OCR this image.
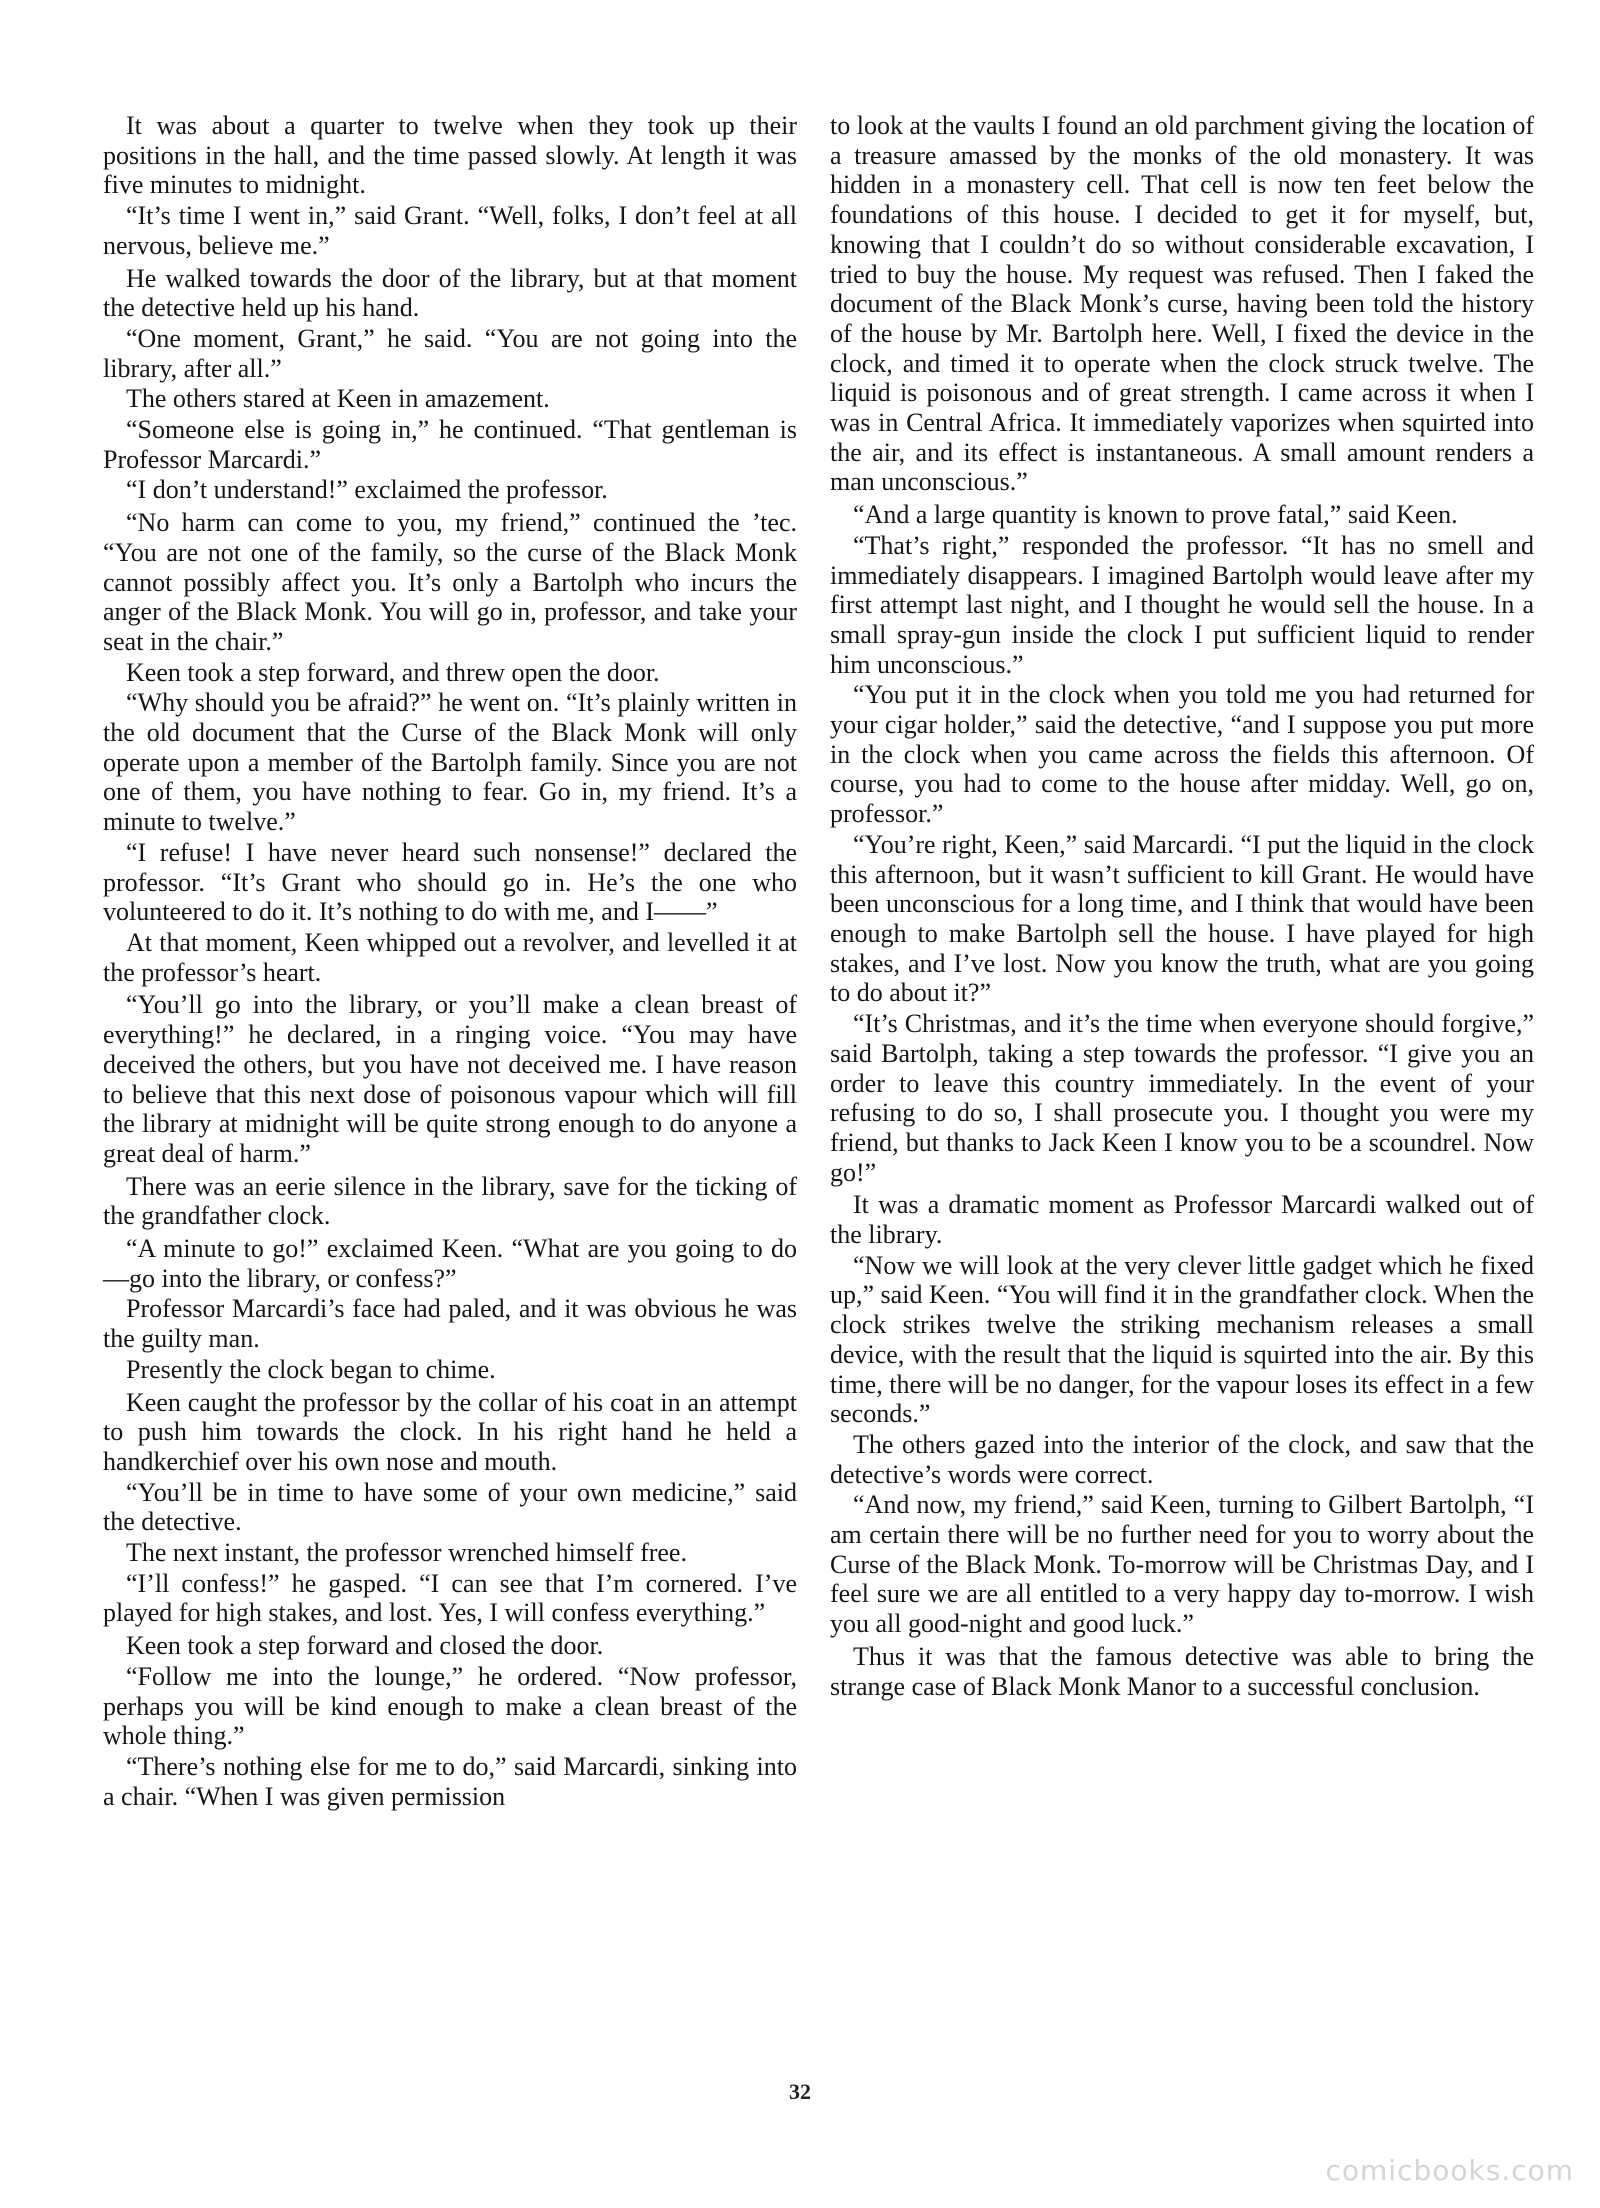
It was about a quarter to twelve when they took up their positions in the hall, and the time passed slowly. At length it was five minutes to midnight.

“It’s time I went in,” said Grant. “Well, folks, I don’t feel at all nervous, believe me.”

He walked towards the door of the library, but at that moment the detective held up his hand.

“One moment, Grant,” he said. “You are not going into the library, after all.”

The others stared at Keen in amazement.

“Someone else is going in,” he continued. “That gentleman is Professor Marcardi.”

“I don’t understand!” exclaimed the professor.

“No harm can come to you, my friend,” continued the ’tec. “You are not one of the family, so the curse of the Black Monk cannot possibly affect you. It’s only a Bartolph who incurs the anger of the Black Monk. You will go in, professor, and take your seat in the chair.”

Keen took a step forward, and threw open the door.

“Why should you be afraid?” he went on. “It’s plainly written in the old document that the Curse of the Black Monk will only operate upon a member of the Bartolph family. Since you are not one of them, you have nothing to fear. Go in, my friend. It’s a minute to twelve.”

“I refuse! I have never heard such nonsense!” declared the professor. “It’s Grant who should go in. He’s the one who volunteered to do it. It’s nothing to do with me, and I——”

At that moment, Keen whipped out a revolver, and levelled it at the professor’s heart.

“You’ll go into the library, or you’ll make a clean breast of everything!” he declared, in a ringing voice. “You may have deceived the others, but you have not deceived me. I have reason to believe that this next dose of poisonous vapour which will fill the library at midnight will be quite strong enough to do anyone a great deal of harm.”

There was an eerie silence in the library, save for the ticking of the grandfather clock.

“A minute to go!” exclaimed Keen. “What are you going to do—go into the library, or confess?”

Professor Marcardi’s face had paled, and it was obvious he was the guilty man.

Presently the clock began to chime.

Keen caught the professor by the collar of his coat in an attempt to push him towards the clock. In his right hand he held a handkerchief over his own nose and mouth.

“You’ll be in time to have some of your own medicine,” said the detective.

The next instant, the professor wrenched himself free.

“I’ll confess!” he gasped. “I can see that I’m cornered. I’ve played for high stakes, and lost. Yes, I will confess everything.”

Keen took a step forward and closed the door.

“Follow me into the lounge,” he ordered. “Now professor, perhaps you will be kind enough to make a clean breast of the whole thing.”

“There’s nothing else for me to do,” said Marcardi, sinking into a chair. “When I was given permission

to look at the vaults I found an old parchment giving the location of a treasure amassed by the monks of the old monastery. It was hidden in a monastery cell. That cell is now ten feet below the foundations of this house. I decided to get it for myself, but, knowing that I couldn’t do so without considerable excavation, I tried to buy the house. My request was refused. Then I faked the document of the Black Monk’s curse, having been told the history of the house by Mr. Bartolph here. Well, I fixed the device in the clock, and timed it to operate when the clock struck twelve. The liquid is poisonous and of great strength. I came across it when I was in Central Africa. It immediately vaporizes when squirted into the air, and its effect is instantaneous. A small amount renders a man unconscious.”

“And a large quantity is known to prove fatal,” said Keen.

“That’s right,” responded the professor. “It has no smell and immediately disappears. I imagined Bartolph would leave after my first attempt last night, and I thought he would sell the house. In a small spray-gun inside the clock I put sufficient liquid to render him unconscious.”

“You put it in the clock when you told me you had returned for your cigar holder,” said the detective, “and I suppose you put more in the clock when you came across the fields this afternoon. Of course, you had to come to the house after midday. Well, go on, professor.”

“You’re right, Keen,” said Marcardi. “I put the liquid in the clock this afternoon, but it wasn’t sufficient to kill Grant. He would have been unconscious for a long time, and I think that would have been enough to make Bartolph sell the house. I have played for high stakes, and I’ve lost. Now you know the truth, what are you going to do about it?”

“It’s Christmas, and it’s the time when everyone should forgive,” said Bartolph, taking a step towards the professor. “I give you an order to leave this country immediately. In the event of your refusing to do so, I shall prosecute you. I thought you were my friend, but thanks to Jack Keen I know you to be a scoundrel. Now go!”

It was a dramatic moment as Professor Marcardi walked out of the library.

“Now we will look at the very clever little gadget which he fixed up,” said Keen. “You will find it in the grandfather clock. When the clock strikes twelve the striking mechanism releases a small device, with the result that the liquid is squirted into the air. By this time, there will be no danger, for the vapour loses its effect in a few seconds.”

The others gazed into the interior of the clock, and saw that the detective’s words were correct.

“And now, my friend,” said Keen, turning to Gilbert Bartolph, “I am certain there will be no further need for you to worry about the Curse of the Black Monk. To-morrow will be Christmas Day, and I feel sure we are all entitled to a very happy day to-morrow. I wish you all good-night and good luck.”

Thus it was that the famous detective was able to bring the strange case of Black Monk Manor to a successful conclusion.

32
comicbooks.com
